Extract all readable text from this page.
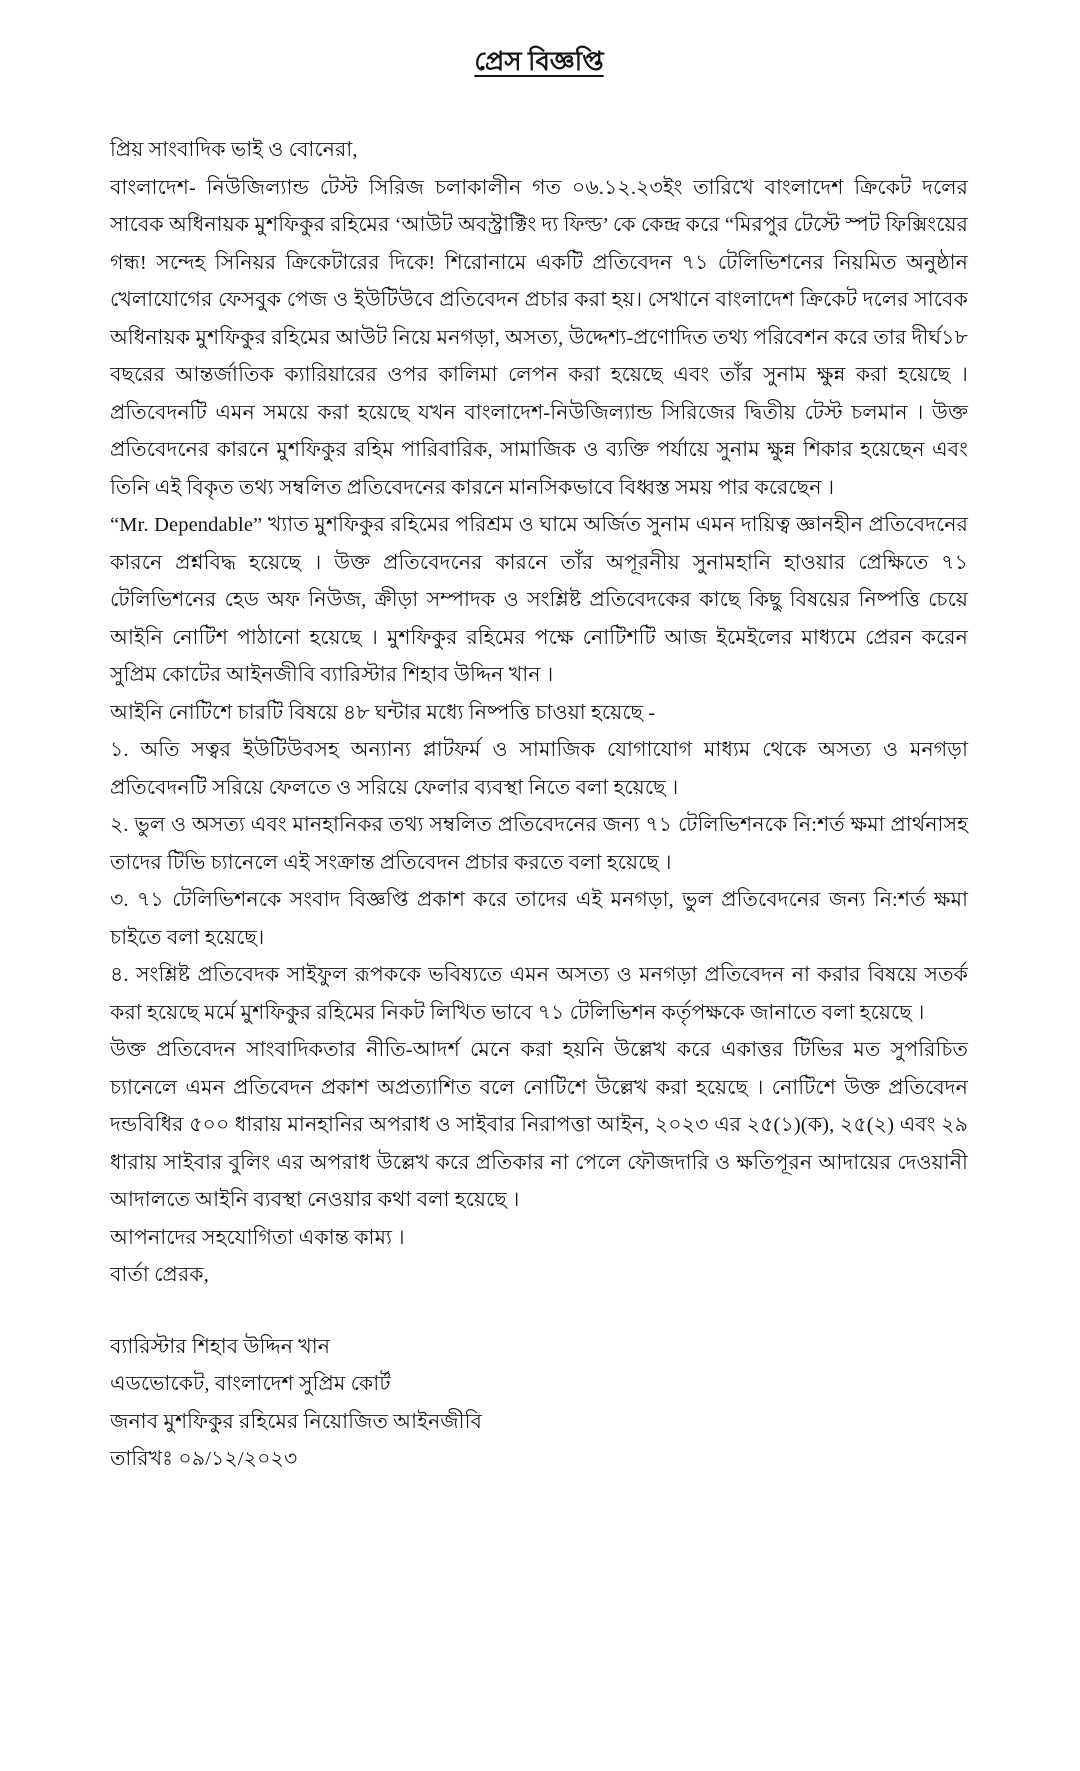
প্রেস বিজ্ঞপ্তি

প্রিয় সাংবাদিক ভাই ও বোনেরা,

বাংলাদেশ- নিউজিল্যান্ড টেস্ট সিরিজ চলাকালীন গত ০৬.১২.২৩ইং তারিখে বাংলাদেশ ক্রিকেট দলের সাবেক অধিনায়ক মুশফিকুর রহিমের ‘আউট অবস্ট্রাক্টিং দ্য ফিল্ড’ কে কেন্দ্র করে “মিরপুর টেস্টে স্পট ফিক্সিংয়ের গন্ধ! সন্দেহ সিনিয়র ক্রিকেটারের দিকে! শিরোনামে একটি প্রতিবেদন ৭১ টেলিভিশনের নিয়মিত অনুষ্ঠান খেলাযোগের ফেসবুক পেজ ও ইউটিউবে প্রতিবেদন প্রচার করা হয়। সেখানে বাংলাদেশ ক্রিকেট দলের সাবেক অধিনায়ক মুশফিকুর রহিমের আউট নিয়ে মনগড়া, অসত্য, উদ্দেশ্য-প্রণোদিত তথ্য পরিবেশন করে তার দীর্ঘ১৮ বছরের আন্তর্জাতিক ক্যারিয়ারের ওপর কালিমা লেপন করা হয়েছে এবং তাঁর সুনাম ক্ষুন্ন করা হয়েছে । প্রতিবেদনটি এমন সময়ে করা হয়েছে যখন বাংলাদেশ-নিউজিল্যান্ড সিরিজের দ্বিতীয় টেস্ট চলমান । উক্ত প্রতিবেদনের কারনে মুশফিকুর রহিম পারিবারিক, সামাজিক ও ব্যক্তি পর্যায়ে সুনাম ক্ষুন্ন শিকার হয়েছেন এবং তিনি এই বিকৃত তথ্য সম্বলিত প্রতিবেদনের কারনে মানসিকভাবে বিধ্বস্ত সময় পার করেছেন ।

“Mr. Dependable” খ্যাত মুশফিকুর রহিমের পরিশ্রম ও ঘামে অর্জিত সুনাম এমন দায়িত্ব জ্ঞানহীন প্রতিবেদনের কারনে প্রশ্নবিদ্ধ হয়েছে । উক্ত প্রতিবেদনের কারনে তাঁর অপূরনীয় সুনামহানি হাওয়ার প্রেক্ষিতে ৭১ টেলিভিশনের হেড অফ নিউজ, ক্রীড়া সম্পাদক ও সংশ্লিষ্ট প্রতিবেদকের কাছে কিছু বিষয়ের নিষ্পত্তি চেয়ে আইনি নোটিশ পাঠানো হয়েছে । মুশফিকুর রহিমের পক্ষে নোটিশটি আজ ইমেইলের মাধ্যমে প্রেরন করেন সুপ্রিম কোটের আইনজীবি ব্যারিস্টার শিহাব উদ্দিন খান ।

আইনি নোটিশে চারটি বিষয়ে ৪৮ ঘন্টার মধ্যে নিষ্পত্তি চাওয়া হয়েছে -

১. অতি সত্বর ইউটিউবসহ অন্যান্য প্লাটফর্ম ও সামাজিক যোগাযোগ মাধ্যম থেকে অসত্য ও মনগড়া প্রতিবেদনটি সরিয়ে ফেলতে ও সরিয়ে ফেলার ব্যবস্থা নিতে বলা হয়েছে ।

২. ভুল ও অসত্য এবং মানহানিকর তথ্য সম্বলিত প্রতিবেদনের জন্য ৭১ টেলিভিশনকে নি:শর্ত ক্ষমা প্রার্থনাসহ তাদের টিভি চ্যানেলে এই সংক্রান্ত প্রতিবেদন প্রচার করতে বলা হয়েছে ।

৩. ৭১ টেলিভিশনকে সংবাদ বিজ্ঞপ্তি প্রকাশ করে তাদের এই মনগড়া, ভুল প্রতিবেদনের জন্য নি:শর্ত ক্ষমা চাইতে বলা হয়েছে।

৪. সংশ্লিষ্ট প্রতিবেদক সাইফুল রূপককে ভবিষ্যতে এমন অসত্য ও মনগড়া প্রতিবেদন না করার বিষয়ে সতর্ক করা হয়েছে মর্মে মুশফিকুর রহিমের নিকট লিখিত ভাবে ৭১ টেলিভিশন কর্তৃপক্ষকে জানাতে বলা হয়েছে ।

উক্ত প্রতিবেদন সাংবাদিকতার নীতি-আদর্শ মেনে করা হয়নি উল্লেখ করে একাত্তর টিভির মত সুপরিচিত চ্যানেলে এমন প্রতিবেদন প্রকাশ অপ্রত্যাশিত বলে নোটিশে উল্লেখ করা হয়েছে । নোটিশে উক্ত প্রতিবেদন দন্ডবিধির ৫০০ ধারায় মানহানির অপরাধ ও সাইবার নিরাপত্তা আইন, ২০২৩ এর ২৫(১)(ক), ২৫(২) এবং ২৯ ধারায় সাইবার বুলিং এর অপরাধ উল্লেখ করে প্রতিকার না পেলে ফৌজদারি ও ক্ষতিপূরন আদায়ের দেওয়ানী আদালতে আইনি ব্যবস্থা নেওয়ার কথা বলা হয়েছে ।

আপনাদের সহযোগিতা একান্ত কাম্য ।

বার্তা প্রেরক,

ব্যারিস্টার শিহাব উদ্দিন খান

এডভোকেট, বাংলাদেশ সুপ্রিম কোর্ট

জনাব মুশফিকুর রহিমের নিয়োজিত আইনজীবি

তারিখঃ ০৯/১২/২০২৩
